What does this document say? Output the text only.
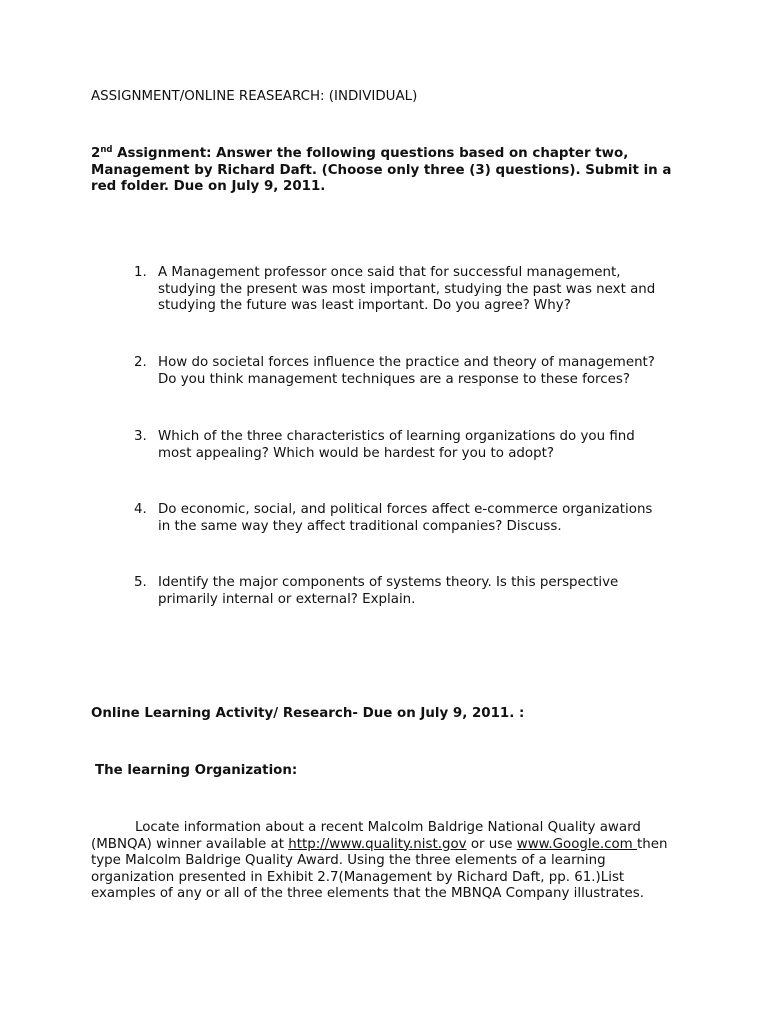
ASSIGNMENT/ONLINE REASEARCH: (INDIVIDUAL)

2nd Assignment: Answer the following questions based on chapter two, Management by Richard Daft. (Choose only three (3) questions). Submit in a red folder. Due on July 9, 2011.

1. A Management professor once said that for successful management,
studying the present was most important, studying the past was next and
studying the future was least important. Do you agree? Why?
2. How do societal forces influence the practice and theory of management?
Do you think management techniques are a response to these forces?
3. Which of the three characteristics of learning organizations do you find
most appealing? Which would be hardest for you to adopt?
4. Do economic, social, and political forces affect e-commerce organizations
in the same way they affect traditional companies? Discuss.
5. Identify the major components of systems theory. Is this perspective
primarily internal or external? Explain.
Online Learning Activity/ Research- Due on July 9, 2011. :
The learning Organization:

Locate information about a recent Malcolm Baldrige National Quality award (MBNQA) winner available at http://www.quality.nist.gov or use www.Google.com then type Malcolm Baldrige Quality Award. Using the three elements of a learning organization presented in Exhibit 2.7(Management by Richard Daft, pp. 61.)List examples of any or all of the three elements that the MBNQA Company illustrates.
